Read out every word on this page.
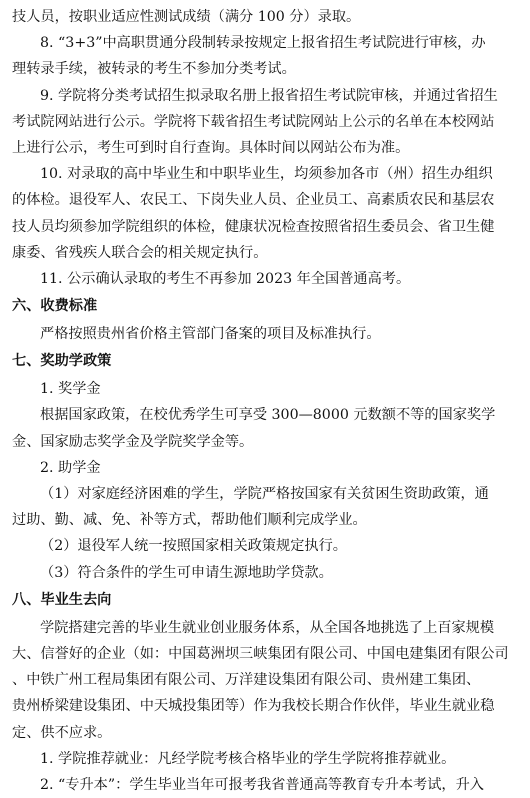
技人员，按职业适应性测试成绩（满分 100 分）录取。
8. “3+3”中高职贯通分段制转录按规定上报省招生考试院进行审核，办
理转录手续，被转录的考生不参加分类考试。
9. 学院将分类考试招生拟录取名册上报省招生考试院审核，并通过省招生
考试院网站进行公示。学院将下载省招生考试院网站上公示的名单在本校网站
上进行公示，考生可到时自行查询。具体时间以网站公布为准。
10. 对录取的高中毕业生和中职毕业生，均须参加各市（州）招生办组织
的体检。退役军人、农民工、下岗失业人员、企业员工、高素质农民和基层农
技人员均须参加学院组织的体检，健康状况检查按照省招生委员会、省卫生健
康委、省残疾人联合会的相关规定执行。
11. 公示确认录取的考生不再参加 2023 年全国普通高考。
六、收费标准
严格按照贵州省价格主管部门备案的项目及标准执行。
七、奖助学政策
1. 奖学金
根据国家政策，在校优秀学生可享受 300—8000 元数额不等的国家奖学
金、国家励志奖学金及学院奖学金等。
2. 助学金
（1）对家庭经济困难的学生，学院严格按国家有关贫困生资助政策，通
过助、勤、减、免、补等方式，帮助他们顺利完成学业。
（2）退役军人统一按照国家相关政策规定执行。
（3）符合条件的学生可申请生源地助学贷款。
八、毕业生去向
学院搭建完善的毕业生就业创业服务体系，从全国各地挑选了上百家规模
大、信誉好的企业（如：中国葛洲坝三峡集团有限公司、中国电建集团有限公司
、中铁广州工程局集团有限公司、万洋建设集团有限公司、贵州建工集团、
贵州桥梁建设集团、中天城投集团等）作为我校长期合作伙伴，毕业生就业稳
定、供不应求。
1. 学院推荐就业：凡经学院考核合格毕业的学生学院将推荐就业。
2. “专升本”：学生毕业当年可报考我省普通高等教育专升本考试，升入
